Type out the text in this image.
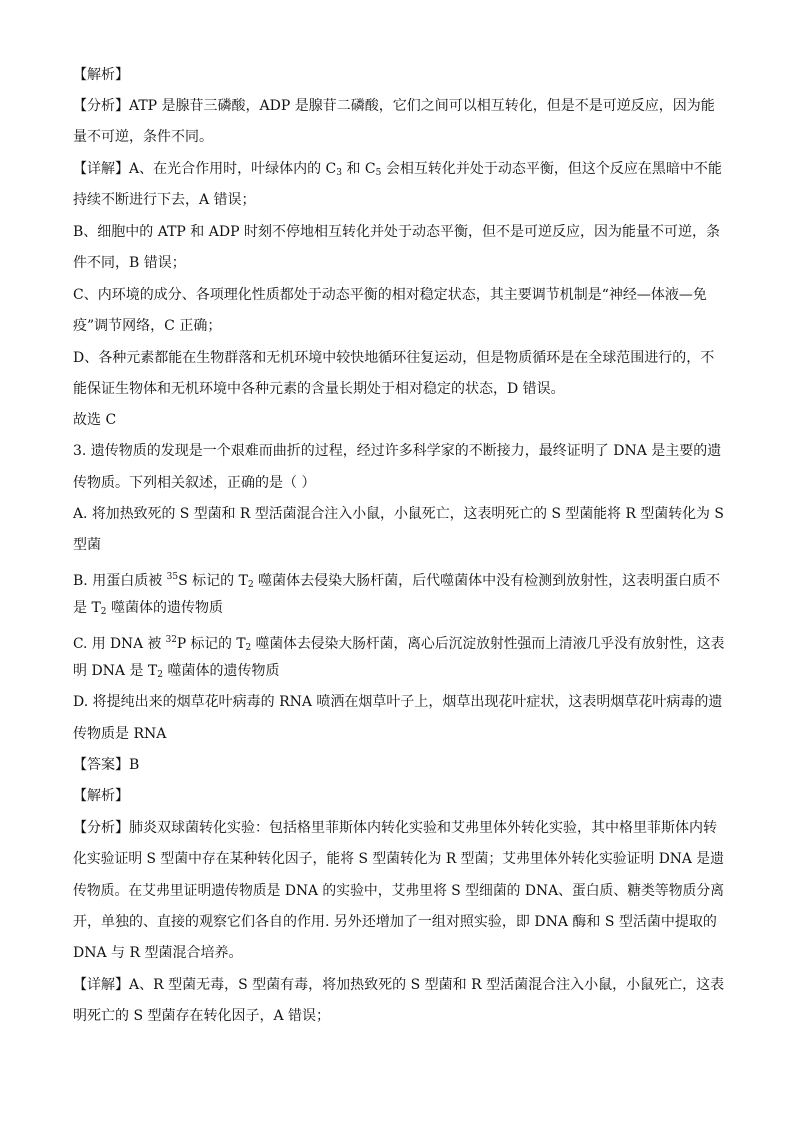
【解析】
【分析】ATP 是腺苷三磷酸，ADP 是腺苷二磷酸，它们之间可以相互转化，但是不是可逆反应，因为能
量不可逆，条件不同。
【详解】A、在光合作用时，叶绿体内的 $C_3$ 和 $C_5$ 会相互转化并处于动态平衡，但这个反应在黑暗中不能
持续不断进行下去，A 错误；
B、细胞中的 ATP 和 ADP 时刻不停地相互转化并处于动态平衡，但不是可逆反应，因为能量不可逆，条
件不同，B 错误；
C、内环境的成分、各项理化性质都处于动态平衡的相对稳定状态，其主要调节机制是“神经—体液—免
疫”调节网络，C 正确；
D、各种元素都能在生物群落和无机环境中较快地循环往复运动，但是物质循环是在全球范围进行的，不
能保证生物体和无机环境中各种元素的含量长期处于相对稳定的状态，D 错误。
故选 C
3. 遗传物质的发现是一个艰难而曲折的过程，经过许多科学家的不断接力，最终证明了 DNA 是主要的遗
传物质。下列相关叙述，正确的是（ ）
A. 将加热致死的 S 型菌和 R 型活菌混合注入小鼠，小鼠死亡，这表明死亡的 S 型菌能将 R 型菌转化为 S
型菌
B. 用蛋白质被 $^{35}$S 标记的 $T_2$ 噬菌体去侵染大肠杆菌，后代噬菌体中没有检测到放射性，这表明蛋白质不
是 $T_2$ 噬菌体的遗传物质
C. 用 DNA 被 $^{32}$P 标记的 $T_2$ 噬菌体去侵染大肠杆菌，离心后沉淀放射性强而上清液几乎没有放射性，这表
明 DNA 是 $T_2$ 噬菌体的遗传物质
D. 将提纯出来的烟草花叶病毒的 RNA 喷洒在烟草叶子上，烟草出现花叶症状，这表明烟草花叶病毒的遗
传物质是 RNA
【答案】B
【解析】
【分析】肺炎双球菌转化实验：包括格里菲斯体内转化实验和艾弗里体外转化实验，其中格里菲斯体内转
化实验证明 S 型菌中存在某种转化因子，能将 S 型菌转化为 R 型菌；艾弗里体外转化实验证明 DNA 是遗
传物质。在艾弗里证明遗传物质是 DNA 的实验中，艾弗里将 S 型细菌的 DNA、蛋白质、糖类等物质分离
开，单独的、直接的观察它们各自的作用. 另外还增加了一组对照实验，即 DNA 酶和 S 型活菌中提取的
DNA 与 R 型菌混合培养。
【详解】A、R 型菌无毒，S 型菌有毒，将加热致死的 S 型菌和 R 型活菌混合注入小鼠，小鼠死亡，这表
明死亡的 S 型菌存在转化因子，A 错误；
